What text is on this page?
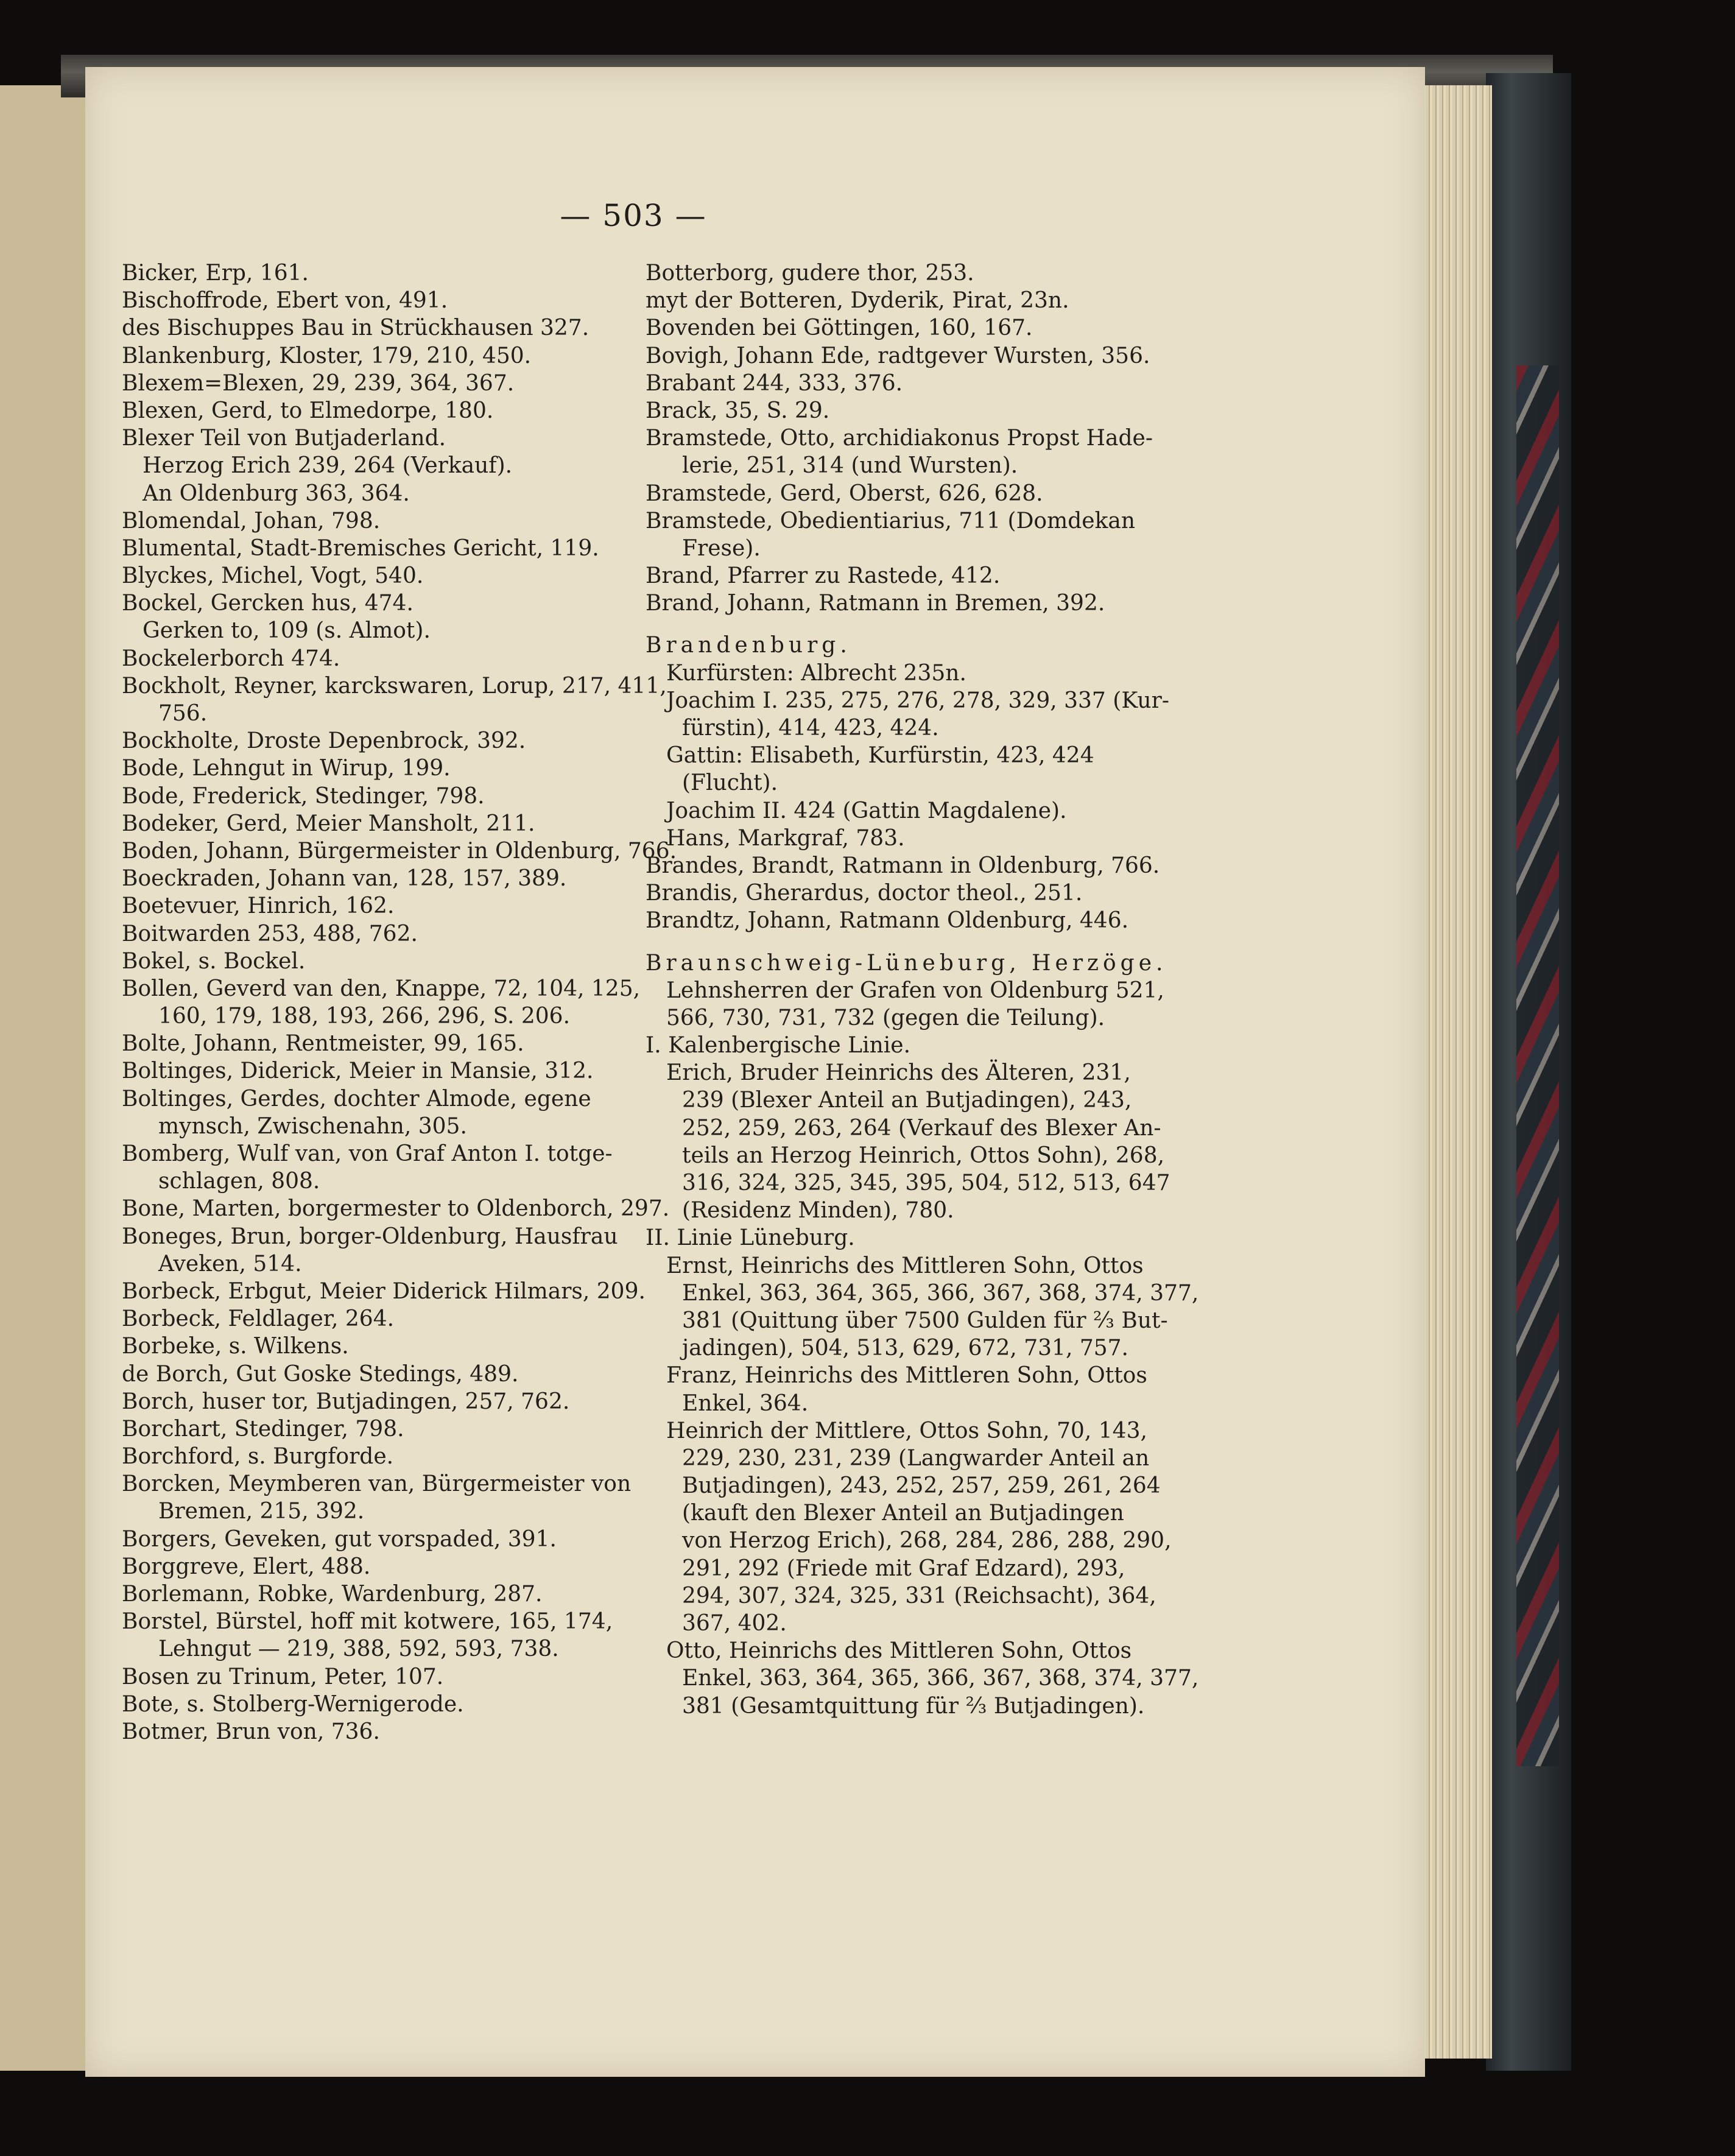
— 503 —
Bicker, Erp, 161.
Bischoffrode, Ebert von, 491.
des Bischuppes Bau in Strückhausen 327.
Blankenburg, Kloster, 179, 210, 450.
Blexem=Blexen, 29, 239, 364, 367.
Blexen, Gerd, to Elmedorpe, 180.
Blexer Teil von Butjaderland.
Herzog Erich 239, 264 (Verkauf).
An Oldenburg 363, 364.
Blomendal, Johan, 798.
Blumental, Stadt-Bremisches Gericht, 119.
Blyckes, Michel, Vogt, 540.
Bockel, Gercken hus, 474.
Gerken to, 109 (s. Almot).
Bockelerborch 474.
Bockholt, Reyner, karckswaren, Lorup, 217, 411,
756.
Bockholte, Droste Depenbrock, 392.
Bode, Lehngut in Wirup, 199.
Bode, Frederick, Stedinger, 798.
Bodeker, Gerd, Meier Mansholt, 211.
Boden, Johann, Bürgermeister in Oldenburg, 766.
Boeckraden, Johann van, 128, 157, 389.
Boetevuer, Hinrich, 162.
Boitwarden 253, 488, 762.
Bokel, s. Bockel.
Bollen, Geverd van den, Knappe, 72, 104, 125,
160, 179, 188, 193, 266, 296, S. 206.
Bolte, Johann, Rentmeister, 99, 165.
Boltinges, Diderick, Meier in Mansie, 312.
Boltinges, Gerdes, dochter Almode, egene
mynsch, Zwischenahn, 305.
Bomberg, Wulf van, von Graf Anton I. totge-
schlagen, 808.
Bone, Marten, borgermester to Oldenborch, 297.
Boneges, Brun, borger-Oldenburg, Hausfrau
Aveken, 514.
Borbeck, Erbgut, Meier Diderick Hilmars, 209.
Borbeck, Feldlager, 264.
Borbeke, s. Wilkens.
de Borch, Gut Goske Stedings, 489.
Borch, huser tor, Butjadingen, 257, 762.
Borchart, Stedinger, 798.
Borchford, s. Burgforde.
Borcken, Meymberen van, Bürgermeister von
Bremen, 215, 392.
Borgers, Geveken, gut vorspaded, 391.
Borggreve, Elert, 488.
Borlemann, Robke, Wardenburg, 287.
Borstel, Bürstel, hoff mit kotwere, 165, 174,
Lehngut — 219, 388, 592, 593, 738.
Bosen zu Trinum, Peter, 107.
Bote, s. Stolberg-Wernigerode.
Botmer, Brun von, 736.
Botterborg, gudere thor, 253.
myt der Botteren, Dyderik, Pirat, 23n.
Bovenden bei Göttingen, 160, 167.
Bovigh, Johann Ede, radtgever Wursten, 356.
Brabant 244, 333, 376.
Brack, 35, S. 29.
Bramstede, Otto, archidiakonus Propst Hade-
lerie, 251, 314 (und Wursten).
Bramstede, Gerd, Oberst, 626, 628.
Bramstede, Obedientiarius, 711 (Domdekan
Frese).
Brand, Pfarrer zu Rastede, 412.
Brand, Johann, Ratmann in Bremen, 392.
Brandenburg.
Kurfürsten: Albrecht 235n.
Joachim I. 235, 275, 276, 278, 329, 337 (Kur-
fürstin), 414, 423, 424.
Gattin: Elisabeth, Kurfürstin, 423, 424
(Flucht).
Joachim II. 424 (Gattin Magdalene).
Hans, Markgraf, 783.
Brandes, Brandt, Ratmann in Oldenburg, 766.
Brandis, Gherardus, doctor theol., 251.
Brandtz, Johann, Ratmann Oldenburg, 446.
Braunschweig-Lüneburg, Herzöge.
Lehnsherren der Grafen von Oldenburg 521,
566, 730, 731, 732 (gegen die Teilung).
I. Kalenbergische Linie.
Erich, Bruder Heinrichs des Älteren, 231,
239 (Blexer Anteil an Butjadingen), 243,
252, 259, 263, 264 (Verkauf des Blexer An-
teils an Herzog Heinrich, Ottos Sohn), 268,
316, 324, 325, 345, 395, 504, 512, 513, 647
(Residenz Minden), 780.
II. Linie Lüneburg.
Ernst, Heinrichs des Mittleren Sohn, Ottos
Enkel, 363, 364, 365, 366, 367, 368, 374, 377,
381 (Quittung über 7500 Gulden für ⅔ But-
jadingen), 504, 513, 629, 672, 731, 757.
Franz, Heinrichs des Mittleren Sohn, Ottos
Enkel, 364.
Heinrich der Mittlere, Ottos Sohn, 70, 143,
229, 230, 231, 239 (Langwarder Anteil an
Butjadingen), 243, 252, 257, 259, 261, 264
(kauft den Blexer Anteil an Butjadingen
von Herzog Erich), 268, 284, 286, 288, 290,
291, 292 (Friede mit Graf Edzard), 293,
294, 307, 324, 325, 331 (Reichsacht), 364,
367, 402.
Otto, Heinrichs des Mittleren Sohn, Ottos
Enkel, 363, 364, 365, 366, 367, 368, 374, 377,
381 (Gesamtquittung für ⅔ Butjadingen).
